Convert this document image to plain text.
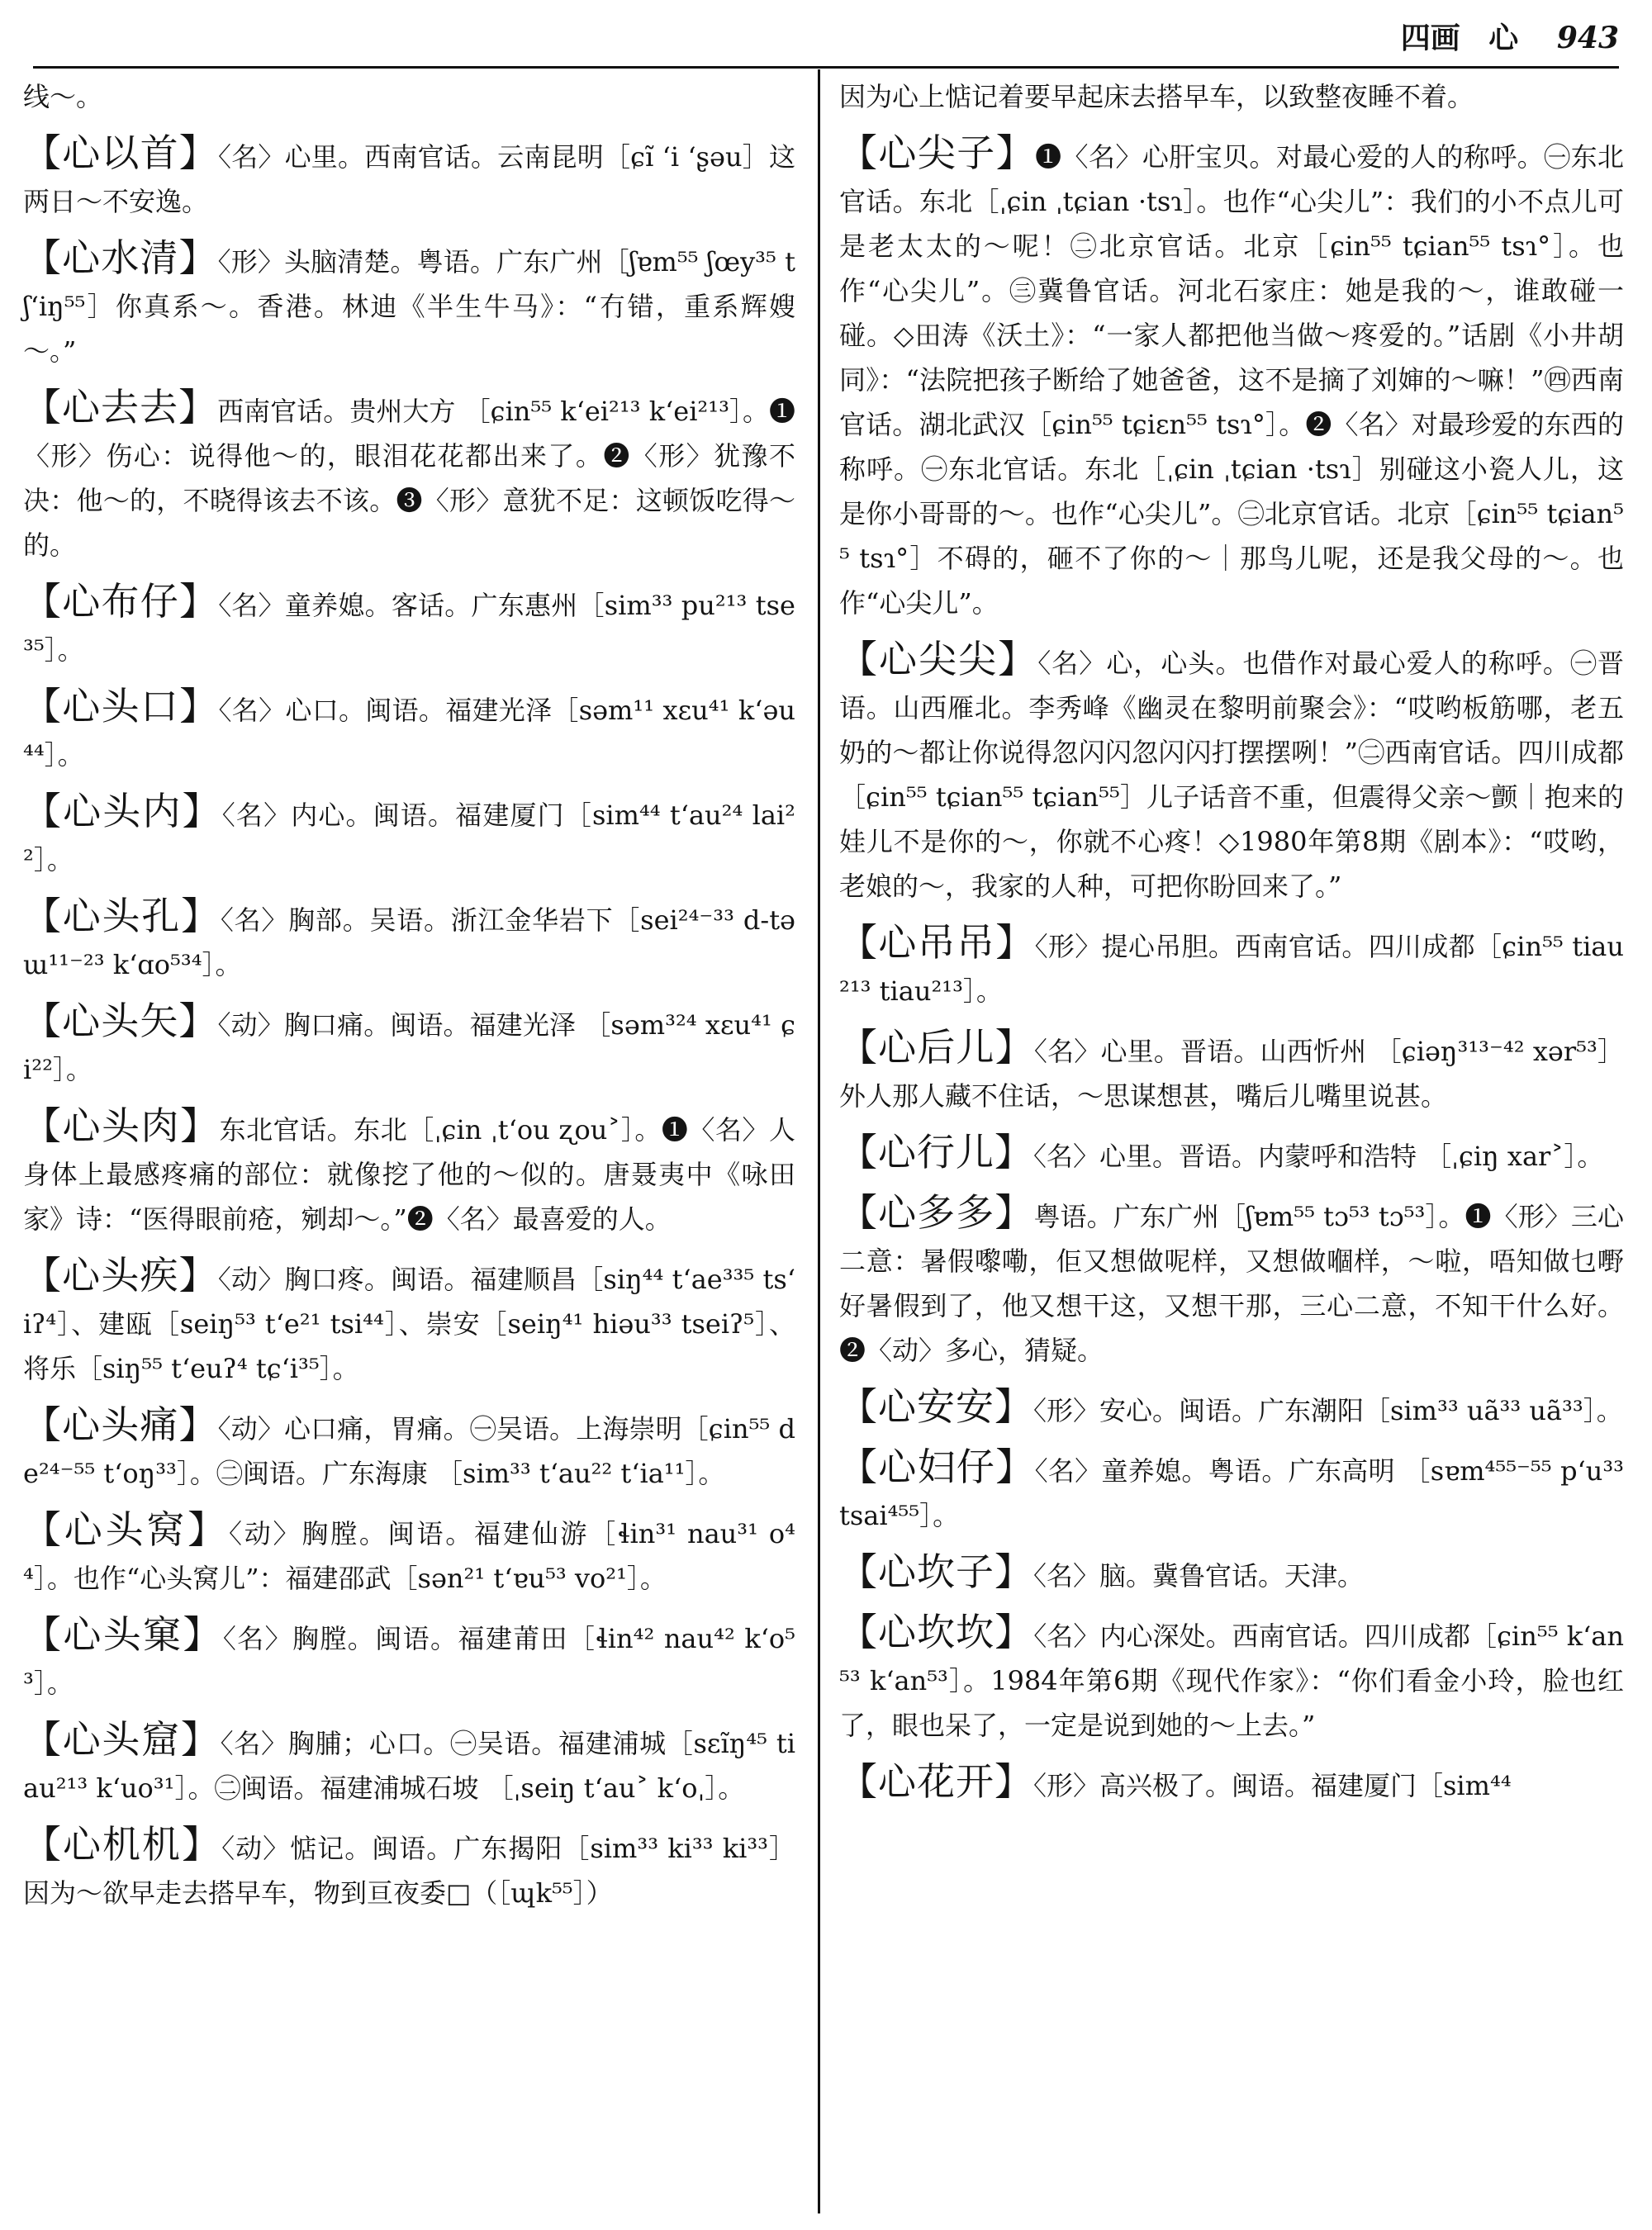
四画 心 943
线～。
【心以首】〈名〉心里。西南官话。云南昆明［ɕĩ ʻi ʻʂəu］这两日～不安逸。
【心水清】〈形〉头脑清楚。粤语。广东广州［ʃɐm⁵⁵ ʃœy³⁵ tʃʻiŋ⁵⁵］你真系～。香港。林迪《半生牛马》：“冇错，重系辉嫂～。”
【心去去】西南官话。贵州大方 ［ɕin⁵⁵ kʻei²¹³ kʻei²¹³］。❶〈形〉伤心：说得他～的，眼泪花花都出来了。❷〈形〉犹豫不决：他～的，不晓得该去不该。❸〈形〉意犹不足：这顿饭吃得～的。
【心布仔】〈名〉童养媳。客话。广东惠州［sim³³ pu²¹³ tse³⁵］。
【心头口】〈名〉心口。闽语。福建光泽［səm¹¹ xɛu⁴¹ kʻəu⁴⁴］。
【心头内】〈名〉内心。闽语。福建厦门［sim⁴⁴ tʻau²⁴ lai²²］。
【心头孔】〈名〉胸部。吴语。浙江金华岩下［sei²⁴⁻³³ d-təɯ¹¹⁻²³ kʻɑo⁵³⁴］。
【心头矢】〈动〉胸口痛。闽语。福建光泽 ［səm³²⁴ xɛu⁴¹ ɕi²²］。
【心头肉】东北官话。东北［ˌɕin ˌtʻou ʐou˃］。❶〈名〉人身体上最感疼痛的部位：就像挖了他的～似的。唐聂夷中《咏田家》诗：“医得眼前疮，剜却～。”❷〈名〉最喜爱的人。
【心头疾】〈动〉胸口疼。闽语。福建顺昌［siŋ⁴⁴ tʻae³³⁵ tsʻiʔ⁴］、建瓯［seiŋ⁵³ tʻe²¹ tsi⁴⁴］、崇安［seiŋ⁴¹ hiəu³³ tseiʔ⁵］、将乐［siŋ⁵⁵ tʻeuʔ⁴ tɕʻi³⁵］。
【心头痛】〈动〉心口痛，胃痛。㊀吴语。上海崇明［ɕin⁵⁵ de²⁴⁻⁵⁵ tʻoŋ³³］。㊁闽语。广东海康 ［sim³³ tʻau²² tʻia¹¹］。
【心头窝】〈动〉胸膛。闽语。福建仙游［ɬin³¹ nau³¹ o⁴⁴］。也作“心头窝儿”：福建邵武［sən²¹ tʻɐu⁵³ vo²¹］。
【心头窠】〈名〉胸膛。闽语。福建莆田［ɬin⁴² nau⁴² kʻo⁵³］。
【心头窟】〈名〉胸脯；心口。㊀吴语。福建浦城［sɛĩŋ⁴⁵ tiau²¹³ kʻuo³¹］。㊁闽语。福建浦城石坡 ［ˌseiŋ tʻau˃ kʻoˌ］。
【心机机】〈动〉惦记。闽语。广东揭阳［sim³³ ki³³ ki³³］因为～欲早走去搭早车，物到亘夜委□（［ɰk⁵⁵］）
因为心上惦记着要早起床去搭早车，以致整夜睡不着。
【心尖子】❶〈名〉心肝宝贝。对最心爱的人的称呼。㊀东北官话。东北［ˌɕin ˌtɕian ·tsɿ］。也作“心尖儿”：我们的小不点儿可是老太太的～呢！㊁北京官话。北京［ɕin⁵⁵ tɕian⁵⁵ tsɿ°］。也作“心尖儿”。㊂冀鲁官话。河北石家庄：她是我的～，谁敢碰一碰。◇田涛《沃土》：“一家人都把他当做～疼爱的。”话剧《小井胡同》：“法院把孩子断给了她爸爸，这不是摘了刘婶的～嘛！”㊃西南官话。湖北武汉［ɕin⁵⁵ tɕiɛn⁵⁵ tsɿ°］。❷〈名〉对最珍爱的东西的称呼。㊀东北官话。东北［ˌɕin ˌtɕian ·tsɿ］别碰这小瓷人儿，这是你小哥哥的～。也作“心尖儿”。㊁北京官话。北京［ɕin⁵⁵ tɕian⁵⁵ tsɿ°］不碍的，砸不了你的～｜那鸟儿呢，还是我父母的～。也作“心尖儿”。
【心尖尖】〈名〉心，心头。也借作对最心爱人的称呼。㊀晋语。山西雁北。李秀峰《幽灵在黎明前聚会》：“哎哟板筋哪，老五奶的～都让你说得忽闪闪忽闪闪打摆摆咧！”㊁西南官话。四川成都［ɕin⁵⁵ tɕian⁵⁵ tɕian⁵⁵］儿子话音不重，但震得父亲～颤｜抱来的娃儿不是你的～，你就不心疼！◇1980年第8期《剧本》：“哎哟，老娘的～，我家的人种，可把你盼回来了。”
【心吊吊】〈形〉提心吊胆。西南官话。四川成都［ɕin⁵⁵ tiau²¹³ tiau²¹³］。
【心后儿】〈名〉心里。晋语。山西忻州 ［ɕiəŋ³¹³⁻⁴² xər⁵³］外人那人藏不住话，～思谋想甚，嘴后儿嘴里说甚。
【心行儿】〈名〉心里。晋语。内蒙呼和浩特 ［ˌɕiŋ xar˃］。
【心多多】粤语。广东广州［ʃɐm⁵⁵ tɔ⁵³ tɔ⁵³］。❶〈形〉三心二意：暑假嚟嘞，佢又想做呢样，又想做嗰样，～啦，唔知做乜嘢好暑假到了，他又想干这，又想干那，三心二意，不知干什么好。❷〈动〉多心，猜疑。
【心安安】〈形〉安心。闽语。广东潮阳［sim³³ uã³³ uã³³］。
【心妇仔】〈名〉童养媳。粤语。广东高明 ［sɐm⁴⁵⁵⁻⁵⁵ pʻu³³ tsai⁴⁵⁵］。
【心坎子】〈名〉脑。冀鲁官话。天津。
【心坎坎】〈名〉内心深处。西南官话。四川成都［ɕin⁵⁵ kʻan⁵³ kʻan⁵³］。1984年第6期《现代作家》：“你们看金小玲，脸也红了，眼也呆了，一定是说到她的～上去。”
【心花开】〈形〉高兴极了。闽语。福建厦门［sim⁴⁴
